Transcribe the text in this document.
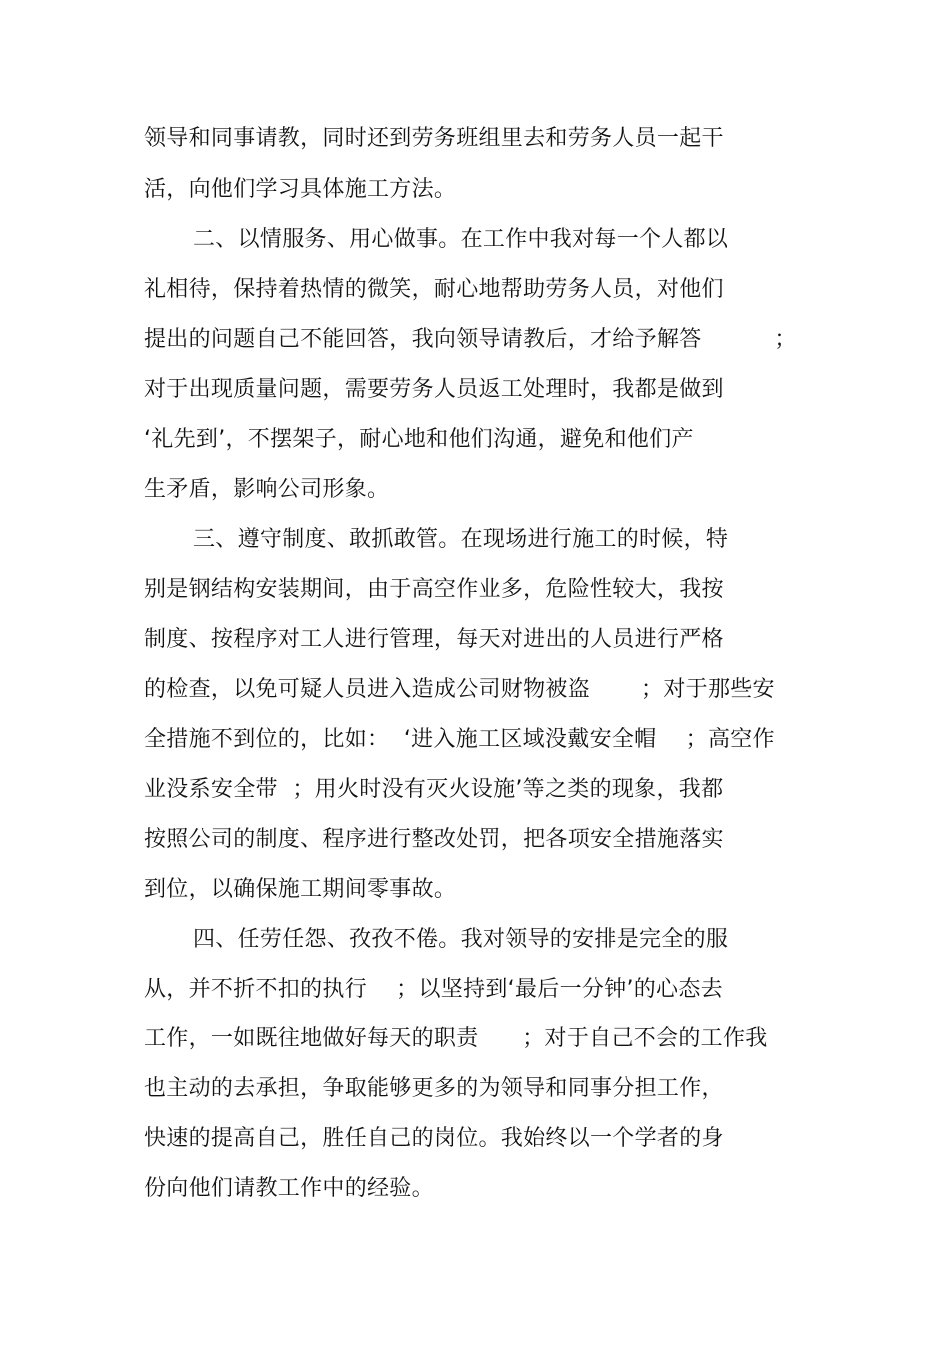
领导和同事请教，同时还到劳务班组里去和劳务人员一起干
活，向他们学习具体施工方法。
二、以情服务、用心做事。在工作中我对每一个人都以
礼相待，保持着热情的微笑，耐心地帮助劳务人员，对他们
提出的问题自己不能回答，我向领导请教后，才给予解答          ；
对于出现质量问题，需要劳务人员返工处理时，我都是做到
‘礼先到’，不摆架子，耐心地和他们沟通，避免和他们产
生矛盾，影响公司形象。
三、遵守制度、敢抓敢管。在现场进行施工的时候，特
别是钢结构安装期间，由于高空作业多，危险性较大，我按
制度、按程序对工人进行管理，每天对进出的人员进行严格
的检查，以免可疑人员进入造成公司财物被盗       ；对于那些安
全措施不到位的，比如：  ‘进入施工区域没戴安全帽    ；高空作
业没系安全带  ；用火时没有灭火设施’等之类的现象，我都
按照公司的制度、程序进行整改处罚，把各项安全措施落实
到位，以确保施工期间零事故。
四、任劳任怨、孜孜不倦。我对领导的安排是完全的服
从，并不折不扣的执行    ；以坚持到‘最后一分钟’的心态去
工作，一如既往地做好每天的职责      ；对于自己不会的工作我
也主动的去承担，争取能够更多的为领导和同事分担工作，
快速的提高自己，胜任自己的岗位。我始终以一个学者的身
份向他们请教工作中的经验。
